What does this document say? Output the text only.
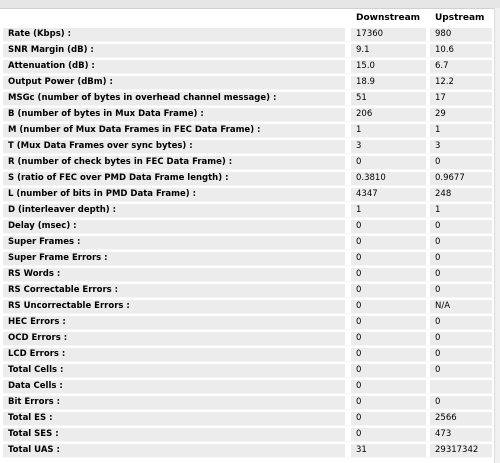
		Downstream		Upstream
Rate (Kbps) :		17360		980
SNR Margin (dB) :		9.1		10.6
Attenuation (dB) :		15.0		6.7
Output Power (dBm) :		18.9		12.2
MSGc (number of bytes in overhead channel message) :		51		17
B (number of bytes in Mux Data Frame) :		206		29
M (number of Mux Data Frames in FEC Data Frame) :		1		1
T (Mux Data Frames over sync bytes) :		3		3
R (number of check bytes in FEC Data Frame) :		0		0
S (ratio of FEC over PMD Data Frame length) :		0.3810		0.9677
L (number of bits in PMD Data Frame) :		4347		248
D (interleaver depth) :		1		1
Delay (msec) :		0		0
Super Frames :		0		0
Super Frame Errors :		0		0
RS Words :		0		0
RS Correctable Errors :		0		0
RS Uncorrectable Errors :		0		N/A
HEC Errors :		0		0
OCD Errors :		0		0
LCD Errors :		0		0
Total Cells :		0		0
Data Cells :		0		
Bit Errors :		0		0
Total ES :		0		2566
Total SES :		0		473
Total UAS :		31		29317342
